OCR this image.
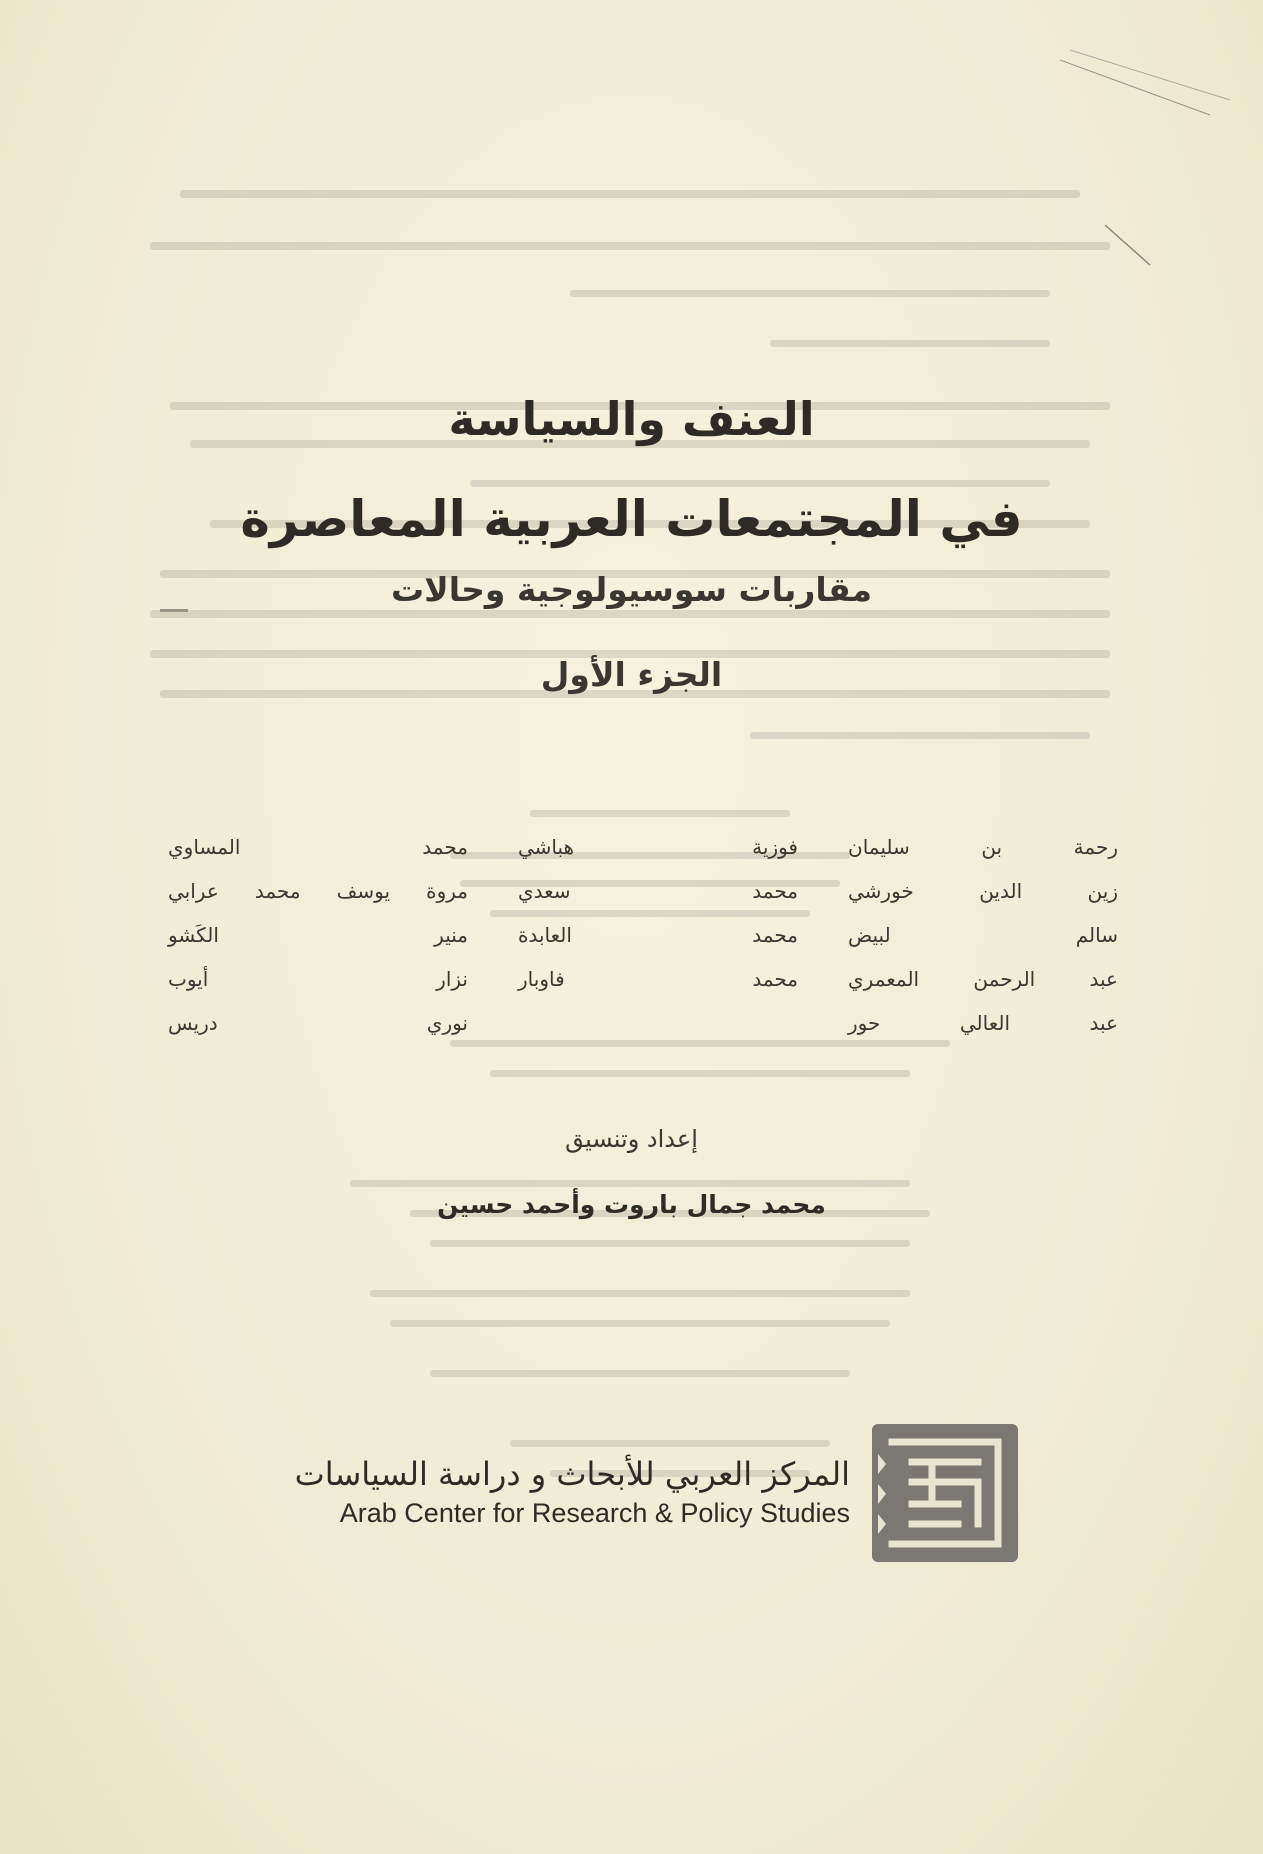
العنف والسياسة
في المجتمعات العربية المعاصرة
مقاربات سوسيولوجية وحالات
الجزء الأول
رحمة بن سليمان
فوزية هباشي
محمد المساوي
زين الدين خورشي
محمد سعدي
مروة يوسف محمد عرابي
سالم لبيض
محمد العابدة
منير الكَشو
عبد الرحمن المعمري
محمد فاوبار
نزار أيوب
عبد العالي حور
نوري دريس
إعداد وتنسيق
محمد جمال باروت وأحمد حسين
المركز العربي للأبحاث و دراسة السياسات
Arab Center for Research & Policy Studies
